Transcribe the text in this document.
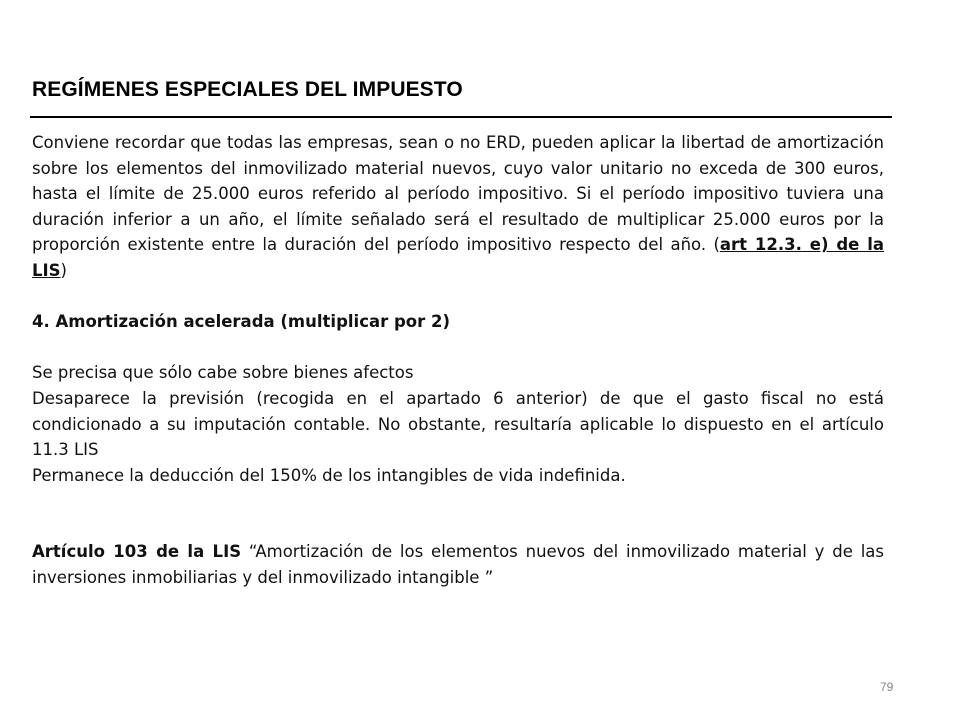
REGÍMENES ESPECIALES DEL IMPUESTO

Conviene recordar que todas las empresas, sean o no ERD, pueden aplicar la libertad de amortización sobre los elementos del inmovilizado material nuevos, cuyo valor unitario no exceda de 300 euros, hasta el límite de 25.000 euros referido al período impositivo. Si el período impositivo tuviera una duración inferior a un año, el límite señalado será el resultado de multiplicar 25.000 euros por la proporción existente entre la duración del período impositivo respecto del año. (art 12.3. e) de la LIS)

4. Amortización acelerada (multiplicar por 2)

Se precisa que sólo cabe sobre bienes afectos

Desaparece la previsión (recogida en el apartado 6 anterior) de que el gasto fiscal no está condicionado a su imputación contable. No obstante, resultaría aplicable lo dispuesto en el artículo 11.3 LIS

Permanece la deducción del 150% de los intangibles de vida indefinida.

Artículo 103 de la LIS “Amortización de los elementos nuevos del inmovilizado material y de las inversiones inmobiliarias y del inmovilizado intangible ”

79
